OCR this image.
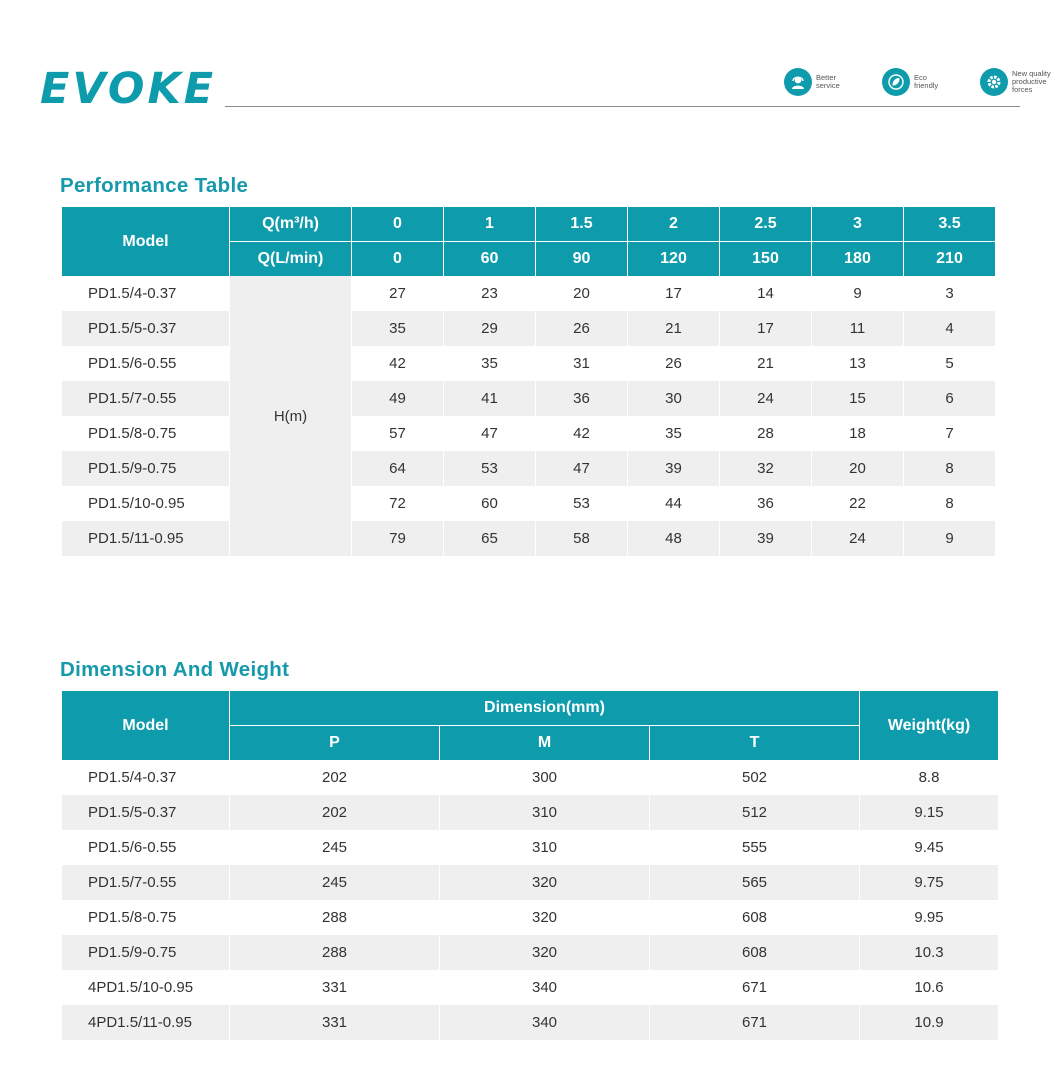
EVOKE	Better
service
Eco
friendly
New quality
productive
forces
Performance Table
Model	Q(m³/h)	0	1	1.5	2	2.5	3	3.5
	Q(L/min)	0	60	90	120	150	180	210
PD1.5/4-0.37	H(m)	27	23	20	17	14	9	3
PD1.5/5-0.37		35	29	26	21	17	11	4
PD1.5/6-0.55		42	35	31	26	21	13	5
PD1.5/7-0.55		49	41	36	30	24	15	6
PD1.5/8-0.75		57	47	42	35	28	18	7
PD1.5/9-0.75		64	53	47	39	32	20	8
PD1.5/10-0.95		72	60	53	44	36	22	8
PD1.5/11-0.95		79	65	58	48	39	24	9
Dimension And Weight
Model	Dimension(mm)			Weight(kg)
	P	M	T	
PD1.5/4-0.37	202	300	502	8.8
PD1.5/5-0.37	202	310	512	9.15
PD1.5/6-0.55	245	310	555	9.45
PD1.5/7-0.55	245	320	565	9.75
PD1.5/8-0.75	288	320	608	9.95
PD1.5/9-0.75	288	320	608	10.3
4PD1.5/10-0.95	331	340	671	10.6
4PD1.5/11-0.95	331	340	671	10.9
